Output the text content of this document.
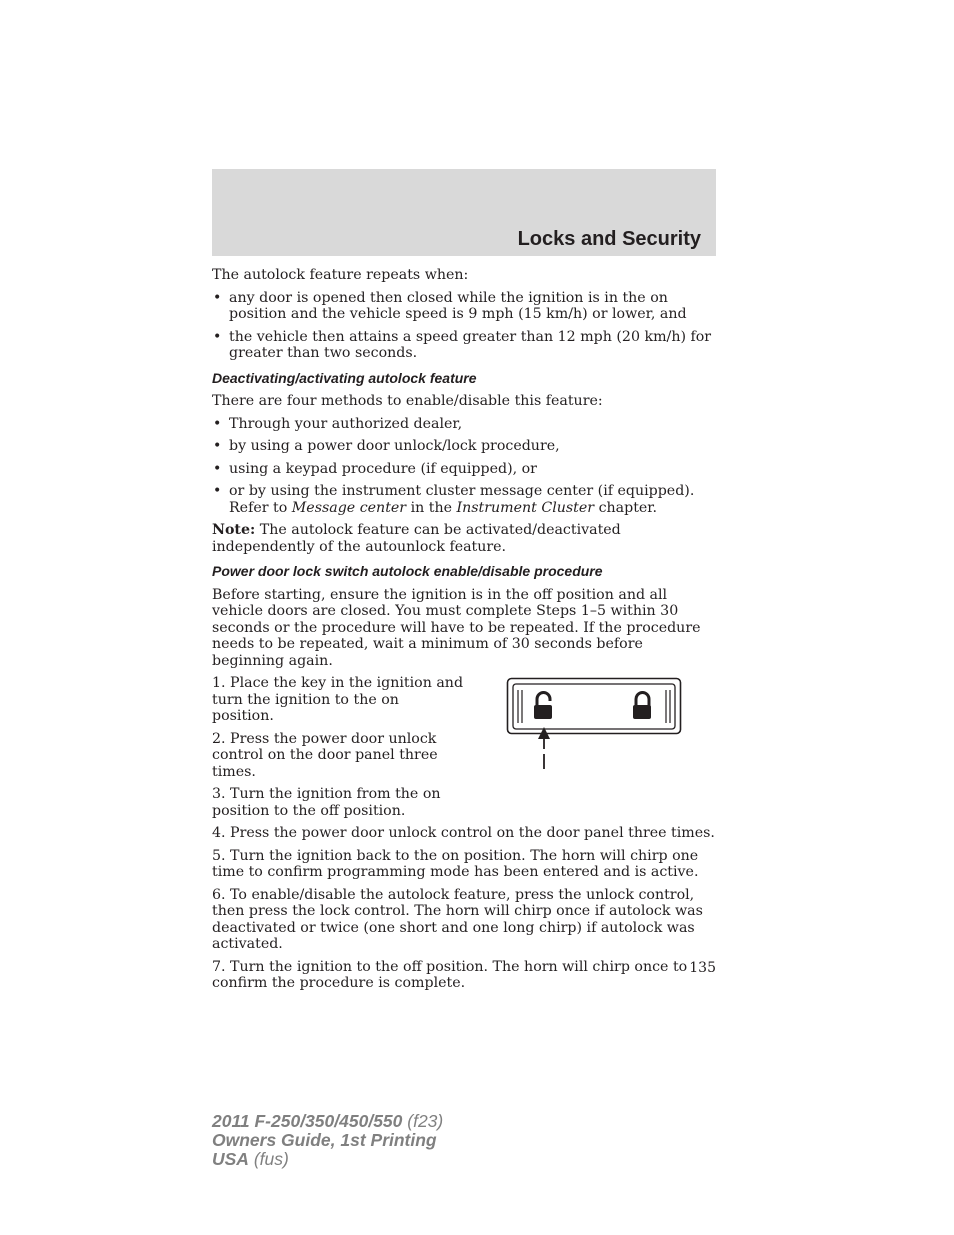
Locks and Security

The autolock feature repeats when:

• any door is opened then closed while the ignition is in the on position and the vehicle speed is 9 mph (15 km/h) or lower, and
• the vehicle then attains a speed greater than 12 mph (20 km/h) for greater than two seconds.
Deactivating/activating autolock feature

There are four methods to enable/disable this feature:

• Through your authorized dealer,
• by using a power door unlock/lock procedure,
• using a keypad procedure (if equipped), or
• or by using the instrument cluster message center (if equipped). Refer to Message center in the Instrument Cluster chapter.

Note: The autolock feature can be activated/deactivated independently of the autounlock feature.

Power door lock switch autolock enable/disable procedure

Before starting, ensure the ignition is in the off position and all vehicle doors are closed. You must complete Steps 1–5 within 30 seconds or the procedure will have to be repeated. If the procedure needs to be repeated, wait a minimum of 30 seconds before beginning again.

1. Place the key in the ignition and turn the ignition to the on position.

2. Press the power door unlock control on the door panel three times.

3. Turn the ignition from the on position to the off position.

4. Press the power door unlock control on the door panel three times.

5. Turn the ignition back to the on position. The horn will chirp one time to confirm programming mode has been entered and is active.

6. To enable/disable the autolock feature, press the unlock control, then press the lock control. The horn will chirp once if autolock was deactivated or twice (one short and one long chirp) if autolock was activated.

7. Turn the ignition to the off position. The horn will chirp once to confirm the procedure is complete.

135
2011 F-250/350/450/550 (f23)
Owners Guide, 1st Printing
USA (fus)
